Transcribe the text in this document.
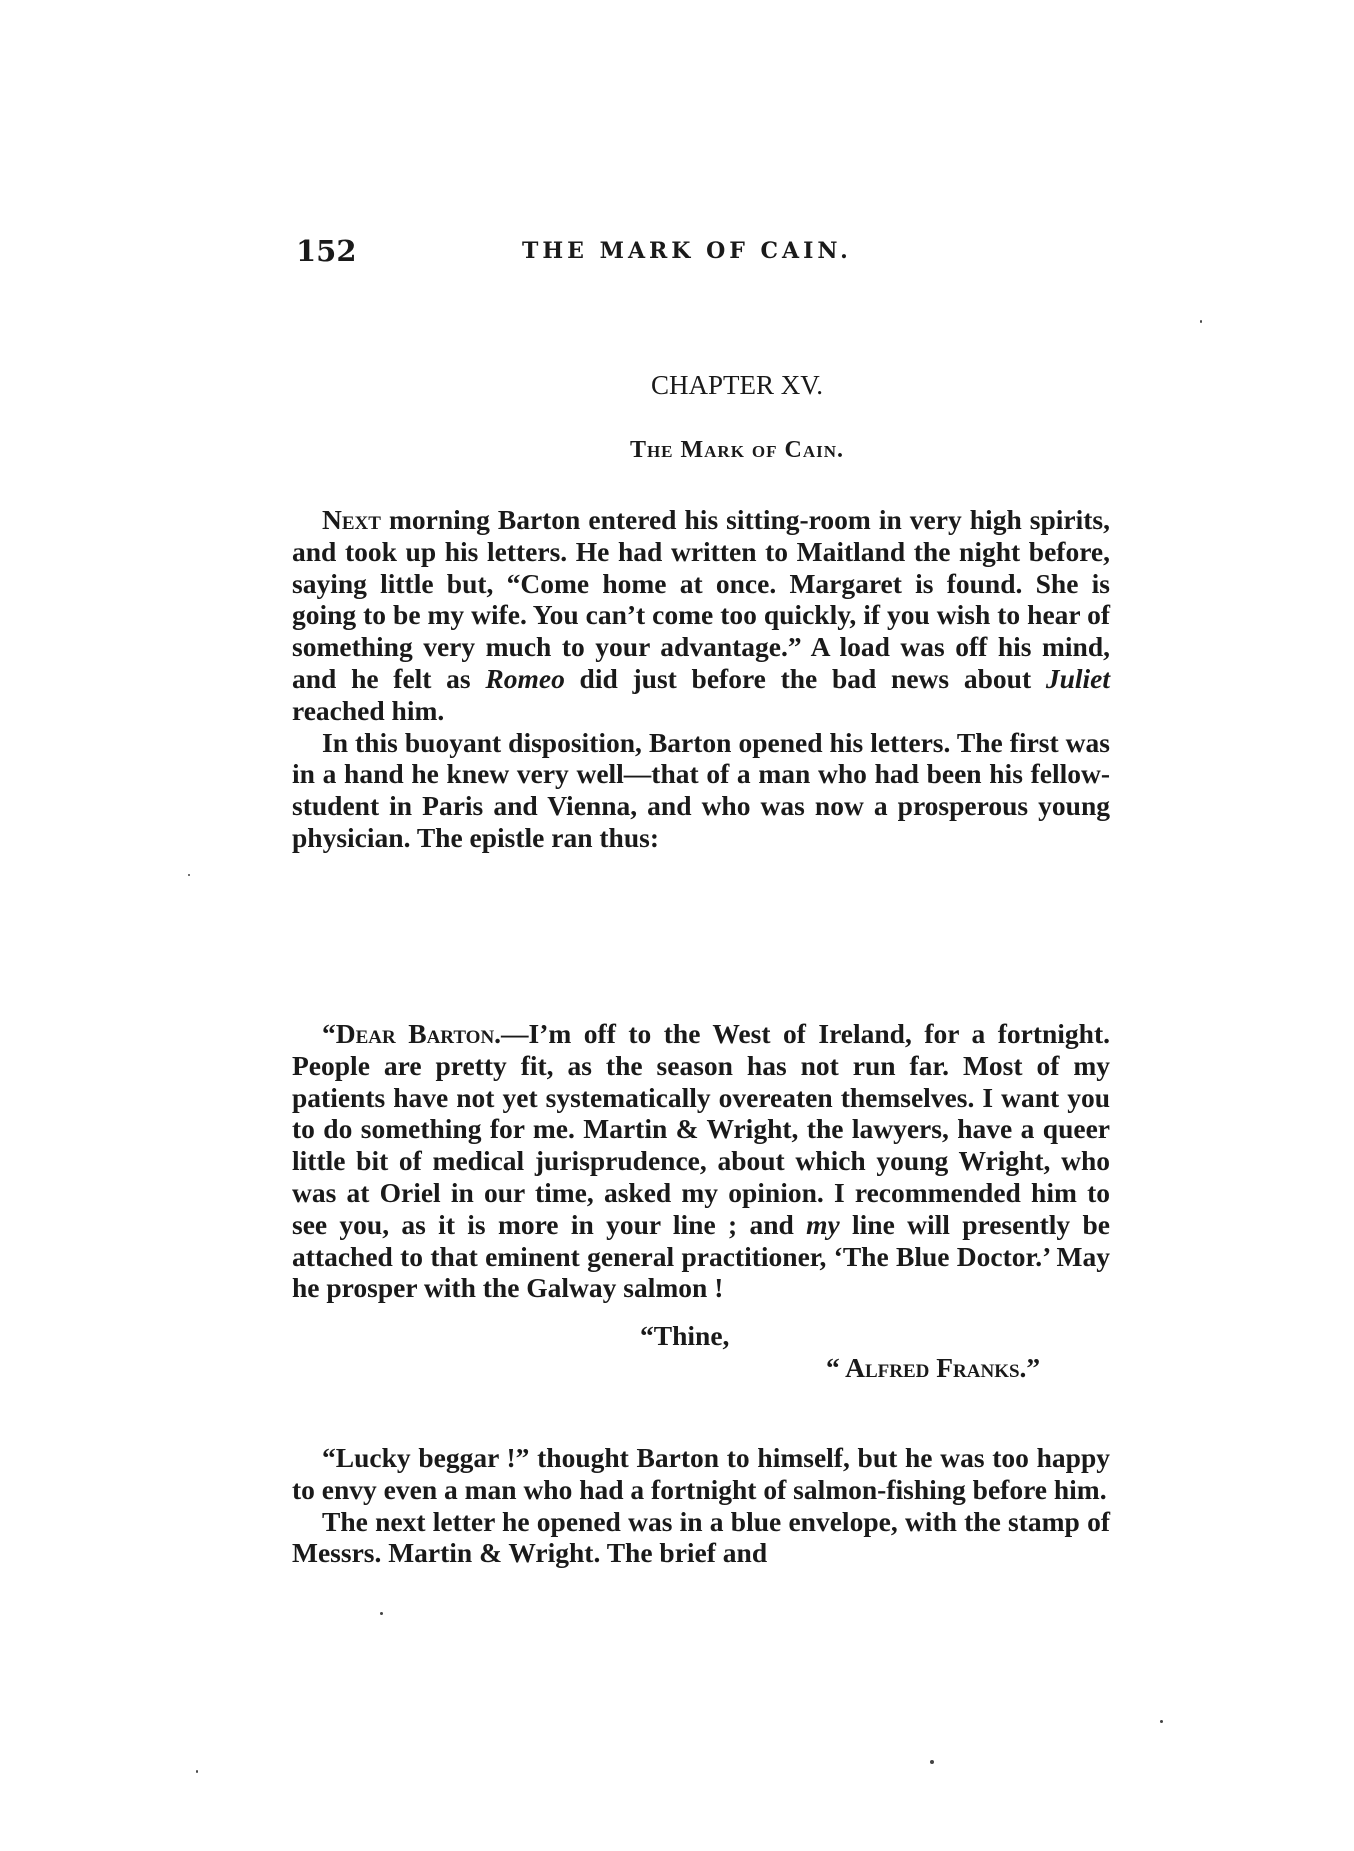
152	THE MARK OF CAIN.
CHAPTER XV.
The Mark of Cain.

Next morning Barton entered his sitting-room in very high spirits, and took up his letters. He had written to Maitland the night before, saying little but, “Come home at once. Margaret is found. She is going to be my wife. You can’t come too quickly, if you wish to hear of something very much to your advantage.” A load was off his mind, and he felt as Romeo did just before the bad news about Juliet reached him.

In this buoyant disposition, Barton opened his letters. The first was in a hand he knew very well—that of a man who had been his fellow-student in Paris and Vienna, and who was now a prosperous young physician. The epistle ran thus:

“Dear Barton.—I’m off to the West of Ireland, for a fortnight. People are pretty fit, as the season has not run far. Most of my patients have not yet systematically overeaten themselves. I want you to do something for me. Martin & Wright, the lawyers, have a queer little bit of medical jurisprudence, about which young Wright, who was at Oriel in our time, asked my opinion. I recommended him to see you, as it is more in your line ; and my line will presently be attached to that eminent general practitioner, ‘The Blue Doctor.’ May he prosper with the Galway salmon !

“Thine,
“ Alfred Franks.”

“Lucky beggar !” thought Barton to himself, but he was too happy to envy even a man who had a fortnight of salmon-fishing before him.

The next letter he opened was in a blue envelope, with the stamp of Messrs. Martin & Wright. The brief and
